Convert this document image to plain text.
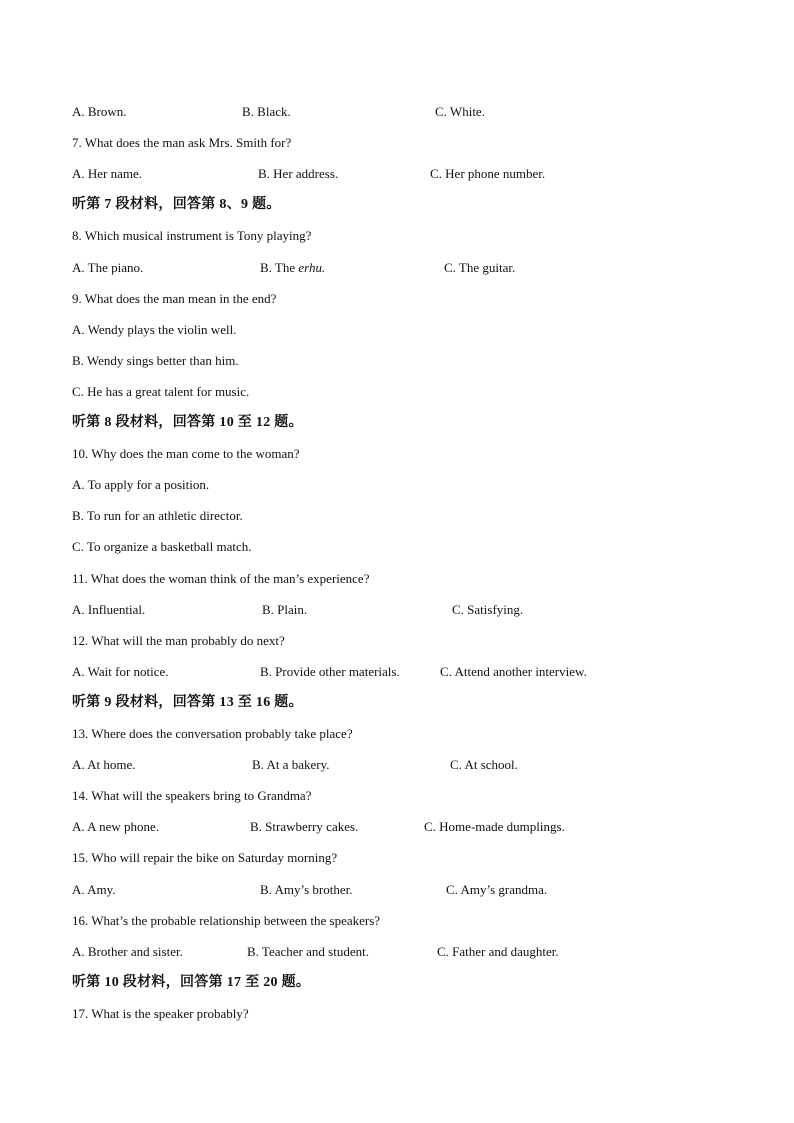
A. Brown.	B. Black.	C. White.
7. What does the man ask Mrs. Smith for?
A. Her name.	B. Her address.	C. Her phone number.
听第 7 段材料，回答第 8、9 题。
8. Which musical instrument is Tony playing?
A. The piano.	B. The erhu.	C. The guitar.
9. What does the man mean in the end?
A. Wendy plays the violin well.
B. Wendy sings better than him.
C. He has a great talent for music.
听第 8 段材料，回答第 10 至 12 题。
10. Why does the man come to the woman?
A. To apply for a position.
B. To run for an athletic director.
C. To organize a basketball match.
11. What does the woman think of the man’s experience?
A. Influential.	B. Plain.	C. Satisfying.
12. What will the man probably do next?
A. Wait for notice.	B. Provide other materials.	C. Attend another interview.
听第 9 段材料，回答第 13 至 16 题。
13. Where does the conversation probably take place?
A. At home.	B. At a bakery.	C. At school.
14. What will the speakers bring to Grandma?
A. A new phone.	B. Strawberry cakes.	C. Home-made dumplings.
15. Who will repair the bike on Saturday morning?
A. Amy.	B. Amy’s brother.	C. Amy’s grandma.
16. What’s the probable relationship between the speakers?
A. Brother and sister.	B. Teacher and student.	C. Father and daughter.
听第 10 段材料，回答第 17 至 20 题。
17. What is the speaker probably?
